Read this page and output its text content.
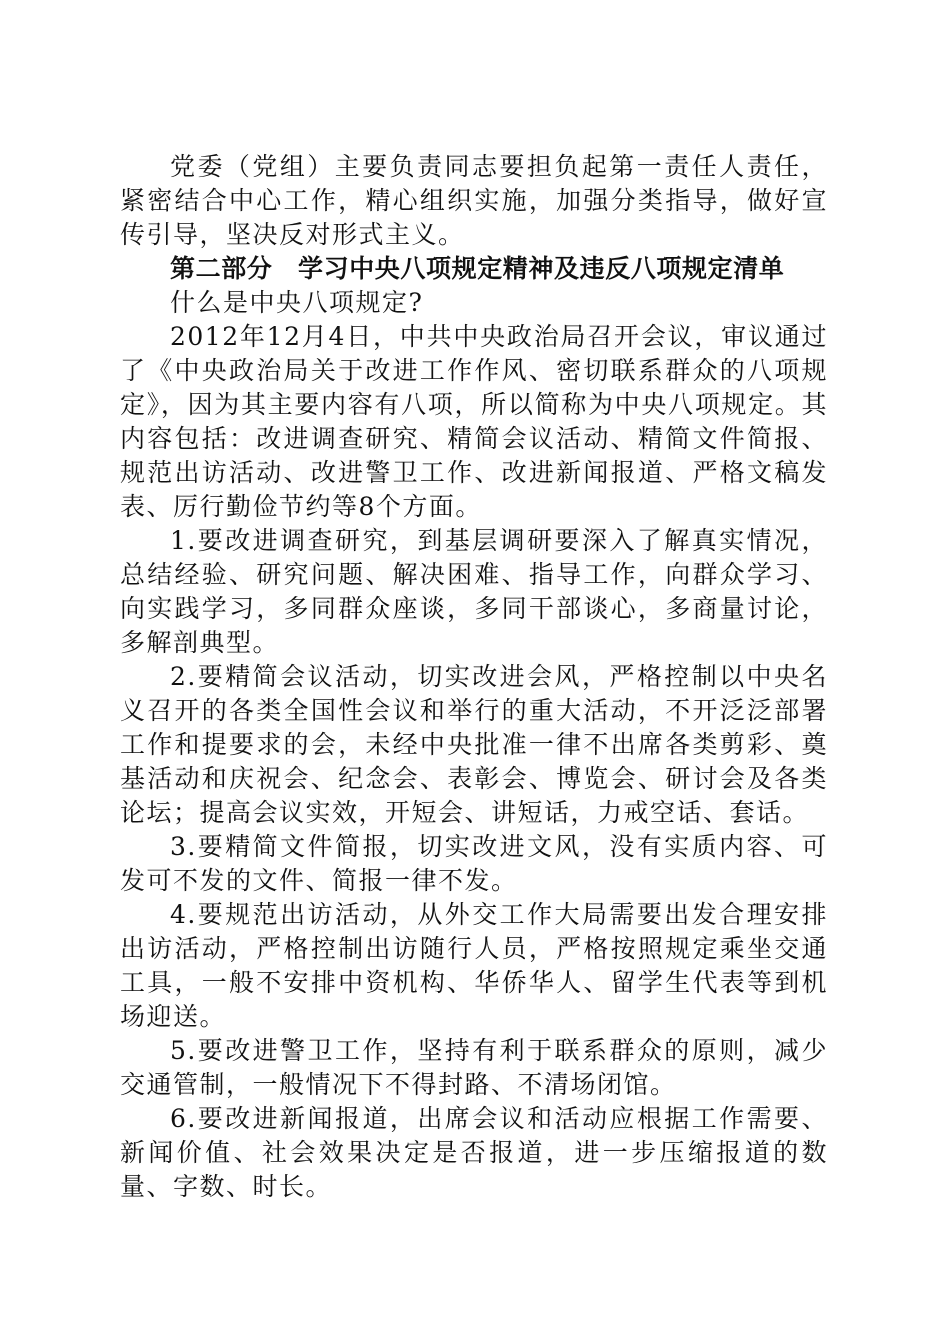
党委（党组）主要负责同志要担负起第一责任人责任，紧密结合中心工作，精心组织实施，加强分类指导，做好宣传引导，坚决反对形式主义。

第二部分　学习中央八项规定精神及违反八项规定清单

什么是中央八项规定?

2012年12月4日，中共中央政治局召开会议，审议通过了《中央政治局关于改进工作作风、密切联系群众的八项规定》，因为其主要内容有八项，所以简称为中央八项规定。其内容包括：改进调查研究、精简会议活动、精简文件简报、规范出访活动、改进警卫工作、改进新闻报道、严格文稿发表、厉行勤俭节约等8个方面。

1.要改进调查研究，到基层调研要深入了解真实情况，总结经验、研究问题、解决困难、指导工作，向群众学习、向实践学习，多同群众座谈，多同干部谈心，多商量讨论，多解剖典型。

2.要精简会议活动，切实改进会风，严格控制以中央名义召开的各类全国性会议和举行的重大活动，不开泛泛部署工作和提要求的会，未经中央批准一律不出席各类剪彩、奠基活动和庆祝会、纪念会、表彰会、博览会、研讨会及各类论坛；提高会议实效，开短会、讲短话，力戒空话、套话。

3.要精简文件简报，切实改进文风，没有实质内容、可发可不发的文件、简报一律不发。

4.要规范出访活动，从外交工作大局需要出发合理安排出访活动，严格控制出访随行人员，严格按照规定乘坐交通工具，一般不安排中资机构、华侨华人、留学生代表等到机场迎送。

5.要改进警卫工作，坚持有利于联系群众的原则，减少交通管制，一般情况下不得封路、不清场闭馆。

6.要改进新闻报道，出席会议和活动应根据工作需要、新闻价值、社会效果决定是否报道，进一步压缩报道的数量、字数、时长。
